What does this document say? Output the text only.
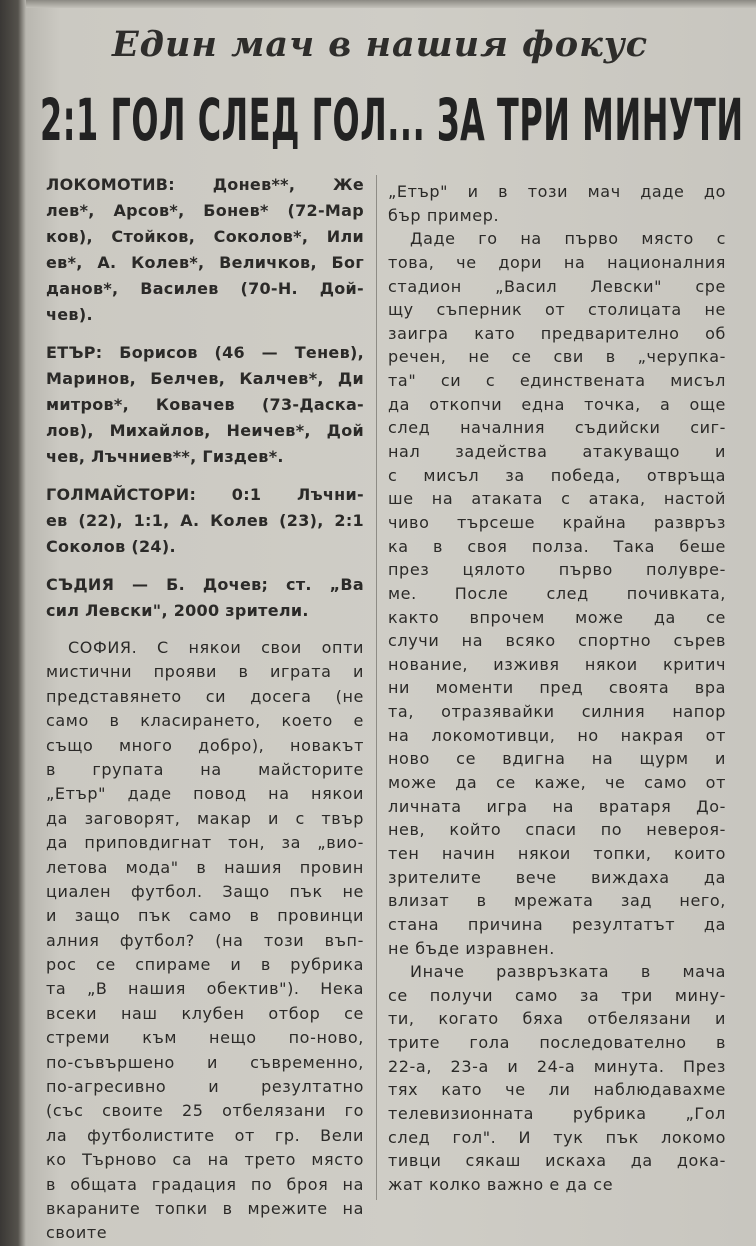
Един мач в нашия фокус
2:1 ГОЛ СЛЕД ГОЛ... ЗА ТРИ МИНУТИ
ЛОКОМОТИВ: Донев**, Же
лев*, Арсов*, Бонев* (72-Мар
ков), Стойков, Соколов*, Или
ев*, А. Колев*, Величков, Бог
данов*, Василев (70-Н. Дой-
чев).
ЕТЪР: Борисов (46 — Тенев),
Маринов, Белчев, Калчев*, Ди
митров*, Ковачев (73-Даска-
лов), Михайлов, Неичев*, Дой
чев, Лъчниев**, Гиздев*.
ГОЛМАЙСТОРИ: 0:1 Лъчни-
ев (22), 1:1, А. Колев (23), 2:1
Соколов (24).
СЪДИЯ — Б. Дочев; ст. „Ва
сил Левски", 2000 зрители.
СОФИЯ. С някои свои опти
мистични прояви в играта и
представянето си досега (не
само в класирането, което е
също много добро), новакът
в групата на майсторите
„Етър" даде повод на някои
да заговорят, макар и с твър
да приповдигнат тон, за „вио-
летова мода" в нашия провин
циален футбол. Защо пък не
и защо пък само в провинци
алния футбол? (на този въп-
рос се спираме и в рубрика
та „В нашия обектив"). Нека
всеки наш клубен отбор се
стреми към нещо по-ново,
по-съвършено и съвременно,
по-агресивно и резултатно
(със своите 25 отбелязани го
ла футболистите от гр. Вели
ко Търново са на трето място
в общата градация по броя на
вкараните топки в мрежите на
своите
„Етър" и в този мач даде до
бър пример.
Даде го на първо място с
това, че дори на националния
стадион „Васил Левски" сре
щу съперник от столицата не
заигра като предварително об
речен, не се сви в „черупка-
та" си с единствената мисъл
да откопчи една точка, а още
след началния съдийски сиг-
нал задейства атакуващо и
с мисъл за победа, отвръща
ше на атаката с атака, настой
чиво търсеше крайна развръз
ка в своя полза. Така беше
през цялото първо полувре-
ме. После след почивката,
както впрочем може да се
случи на всяко спортно сърев
нование, изживя някои критич
ни моменти пред своята вра
та, отразявайки силния напор
на локомотивци, но накрая от
ново се вдигна на щурм и
може да се каже, че само от
личната игра на вратаря До-
нев, който спаси по невероя-
тен начин някои топки, които
зрителите вече виждаха да
влизат в мрежата зад него,
стана причина резултатът да
не бъде изравнен.
Иначе развръзката в мача
се получи само за три мину-
ти, когато бяха отбелязани и
трите гола последователно в
22-а, 23-а и 24-а минута. През
тях като че ли наблюдавахме
телевизионната рубрика „Гол
след гол". И тук пък локомо
тивци сякаш искаха да дока-
жат колко важно е да се
